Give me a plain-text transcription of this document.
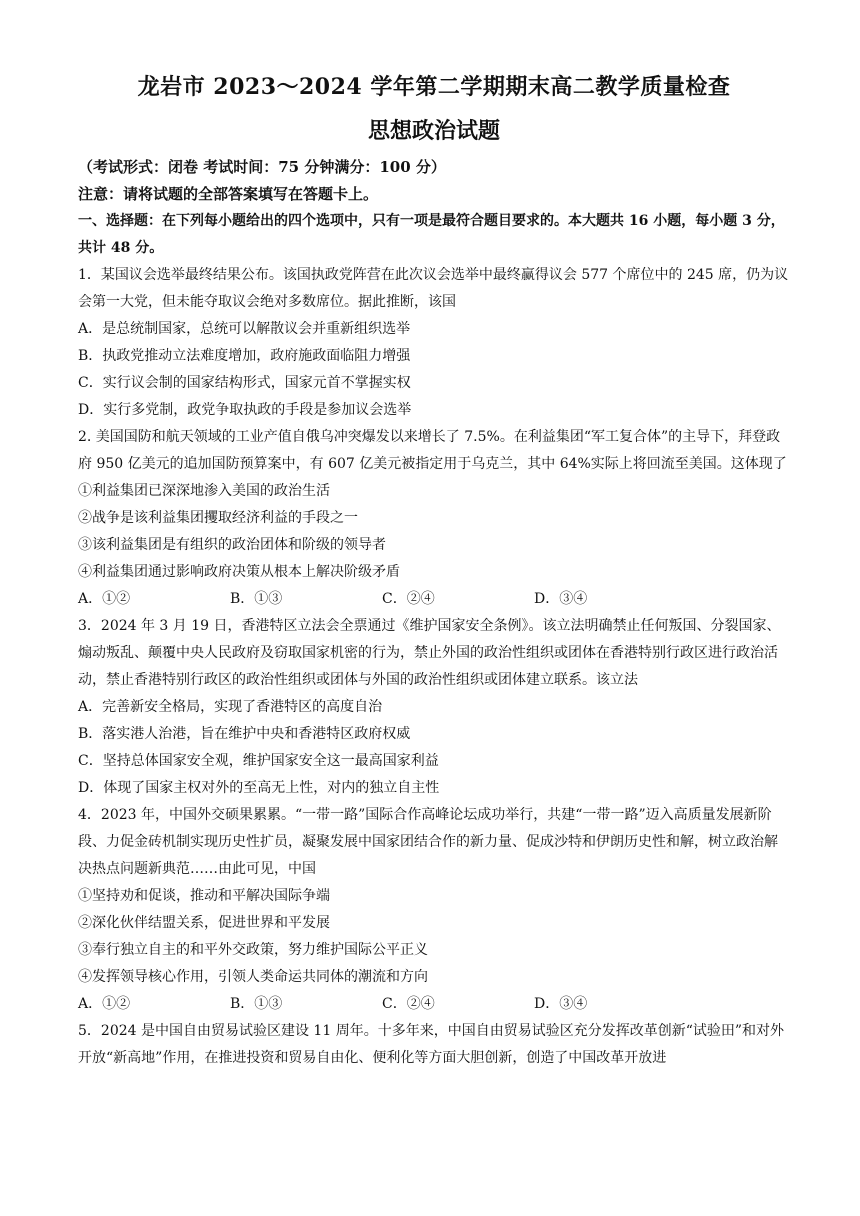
龙岩市 2023～2024 学年第二学期期末高二教学质量检查
思想政治试题

（考试形式：闭卷 考试时间：75 分钟满分：100 分）

注意：请将试题的全部答案填写在答题卡上。

一、选择题：在下列每小题给出的四个选项中，只有一项是最符合题目要求的。本大题共 16 小题，每小题 3 分，共计 48 分。

1．某国议会选举最终结果公布。该国执政党阵营在此次议会选举中最终赢得议会 577 个席位中的 245 席，仍为议会第一大党，但未能夺取议会绝对多数席位。据此推断，该国

A．是总统制国家，总统可以解散议会并重新组织选举

B．执政党推动立法难度增加，政府施政面临阻力增强

C．实行议会制的国家结构形式，国家元首不掌握实权

D．实行多党制，政党争取执政的手段是参加议会选举

2. 美国国防和航天领域的工业产值自俄乌冲突爆发以来增长了 7.5%。在利益集团“军工复合体”的主导下，拜登政府 950 亿美元的追加国防预算案中，有 607 亿美元被指定用于乌克兰，其中 64%实际上将回流至美国。这体现了

①利益集团已深深地渗入美国的政治生活

②战争是该利益集团攫取经济利益的手段之一

③该利益集团是有组织的政治团体和阶级的领导者

④利益集团通过影响政府决策从根本上解决阶级矛盾

A．①②	B．①③	C．②④	D．③④

3．2024 年 3 月 19 日，香港特区立法会全票通过《维护国家安全条例》。该立法明确禁止任何叛国、分裂国家、煽动叛乱、颠覆中央人民政府及窃取国家机密的行为，禁止外国的政治性组织或团体在香港特别行政区进行政治活动，禁止香港特别行政区的政治性组织或团体与外国的政治性组织或团体建立联系。该立法

A．完善新安全格局，实现了香港特区的高度自治

B．落实港人治港，旨在维护中央和香港特区政府权威

C．坚持总体国家安全观，维护国家安全这一最高国家利益

D．体现了国家主权对外的至高无上性，对内的独立自主性

4．2023 年，中国外交硕果累累。“一带一路”国际合作高峰论坛成功举行，共建“一带一路”迈入高质量发展新阶段、力促金砖机制实现历史性扩员，凝聚发展中国家团结合作的新力量、促成沙特和伊朗历史性和解，树立政治解决热点问题新典范……由此可见，中国

①坚持劝和促谈，推动和平解决国际争端

②深化伙伴结盟关系，促进世界和平发展

③奉行独立自主的和平外交政策，努力维护国际公平正义

④发挥领导核心作用，引领人类命运共同体的潮流和方向

A．①②	B．①③	C．②④	D．③④

5．2024 是中国自由贸易试验区建设 11 周年。十多年来，中国自由贸易试验区充分发挥改革创新“试验田”和对外开放“新高地”作用，在推进投资和贸易自由化、便利化等方面大胆创新，创造了中国改革开放进
